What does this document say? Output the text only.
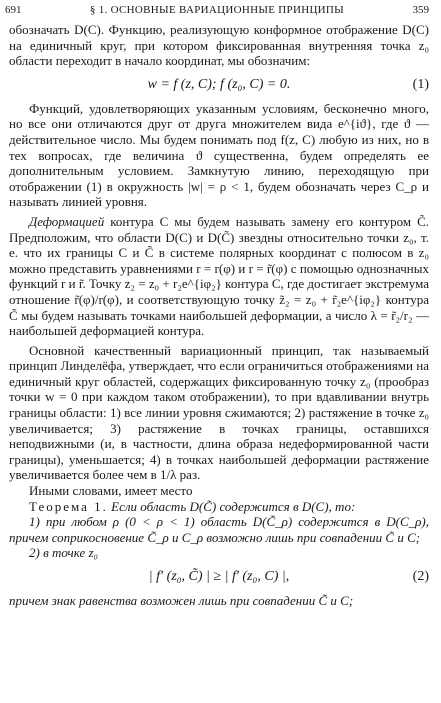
691	§ 1. ОСНОВНЫЕ ВАРИАЦИОННЫЕ ПРИНЦИПЫ	359

обозначать D(C). Функцию, реализующую конформное отображение D(C) на единичный круг, при котором фиксированная внутренняя точка z₀ области переходит в начало координат, мы обозначим:

w = f (z, C); f (z₀, C) = 0.	(1)

Функций, удовлетворяющих указанным условиям, бесконечно много, но все они отличаются друг от друга множителем вида e^{iϑ}, где ϑ — действительное число. Мы будем понимать под f(z, C) любую из них, но в тех вопросах, где величина ϑ существенна, будем определять ее дополнительным условием. Замкнутую линию, переходящую при отображении (1) в окружность |w| = ρ < 1, будем обозначать через C_ρ и называть линией уровня.

Деформацией контура C мы будем называть замену его контуром C̃. Предположим, что области D(C) и D(C̃) звездны относительно точки z₀, т. е. что их границы C и C̃ в системе полярных координат с полюсом в z₀ можно представить уравнениями r = r(φ) и r = r̃(φ) с помощью однозначных функций r и r̃. Точку z₂ = z₀ + r₂e^{iφ₂} контура C, где достигает экстремума отношение r̃(φ)/r(φ), и соответствующую точку z̃₂ = z₀ + r̃₂e^{iφ₂} контура C̃ мы будем называть точками наибольшей деформации, а число λ = r̃₂/r₂ — наибольшей деформацией контура.

Основной качественный вариационный принцип, так называемый принцип Линделёфа, утверждает, что если ограничиться отображениями на единичный круг областей, содержащих фиксированную точку z₀ (прообраз точки w = 0 при каждом таком отображении), то при вдавливании внутрь границы области: 1) все линии уровня сжимаются; 2) растяжение в точке z₀ увеличивается; 3) растяжение в точках границы, оставшихся неподвижными (и, в частности, длина образа недеформированной части границы), уменьшается; 4) в точках наибольшей деформации растяжение увеличивается более чем в 1/λ раз.

Иными словами, имеет место

Теорема 1. Если область D(C̃) содержится в D(C), то:

1) при любом ρ (0 < ρ < 1) область D(C̃_ρ) содержится в D(C_ρ), причем соприкосновение C̃_ρ и C_ρ возможно лишь при совпадении C̃ и C;

2) в точке z₀

| f′ (z₀, C̃) | ≥ | f′ (z₀, C) |,	(2)

причем знак равенства возможен лишь при совпадении C̃ и C;
